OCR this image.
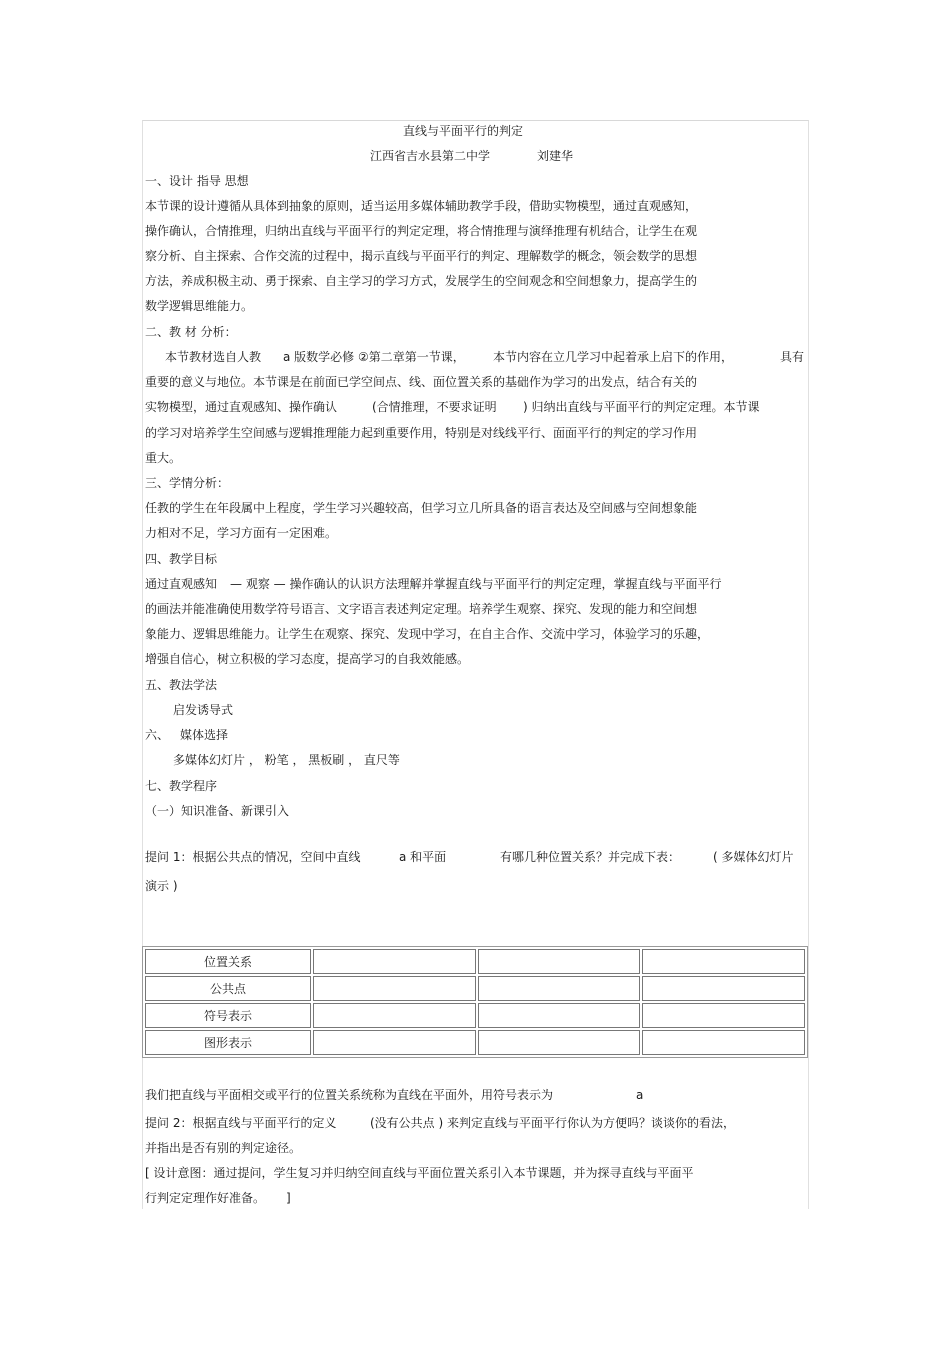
直线与平面平行的判定
江西省吉水县第二中学	刘建华
一、设计 指导 思想
本节课的设计遵循从具体到抽象的原则，适当运用多媒体辅助教学手段，借助实物模型，通过直观感知，
操作确认，合情推理，归纳出直线与平面平行的判定定理，将合情推理与演绎推理有机结合，让学生在观
察分析、自主探索、合作交流的过程中，揭示直线与平面平行的判定、理解数学的概念，领会数学的思想
方法，养成积极主动、勇于探索、自主学习的学习方式，发展学生的空间观念和空间想象力，提高学生的
数学逻辑思维能力。
二、教 材 分析：
本节教材选自人教 a 版数学必修 ②第二章第一节课， 本节内容在立几学习中起着承上启下的作用，	具有
重要的意义与地位。本节课是在前面已学空间点、线、面位置关系的基础作为学习的出发点，结合有关的
实物模型，通过直观感知、操作确认	(合情推理，不要求证明 ) 归纳出直线与平面平行的判定定理。本节课
的学习对培养学生空间感与逻辑推理能力起到重要作用，特别是对线线平行、面面平行的判定的学习作用
重大。
三、学情分析：
任教的学生在年段属中上程度，学生学习兴趣较高，但学习立几所具备的语言表达及空间感与空间想象能
力相对不足，学习方面有一定困难。
四、教学目标
通过直观感知 — 观察 — 操作确认的认识方法理解并掌握直线与平面平行的判定定理，掌握直线与平面平行
的画法并能准确使用数学符号语言、文字语言表述判定定理。培养学生观察、探究、发现的能力和空间想
象能力、逻辑思维能力。让学生在观察、探究、发现中学习，在自主合作、交流中学习，体验学习的乐趣，
增强自信心，树立积极的学习态度，提高学习的自我效能感。
五、教法学法
启发诱导式
六、 媒体选择
多媒体幻灯片 ， 粉笔 ， 黑板刷 ， 直尺等
七、教学程序
（一）知识准备、新课引入
提问 1：根据公共点的情况，空间中直线	a 和平面	有哪几种位置关系？并完成下表：	( 多媒体幻灯片
演示 )
位置关系			
公共点			
符号表示			
图形表示			
我们把直线与平面相交或平行的位置关系统称为直线在平面外，用符号表示为	a
提问 2：根据直线与平面平行的定义	(没有公共点 ) 来判定直线与平面平行你认为方便吗？谈谈你的看法，
并指出是否有别的判定途径。
[ 设计意图：通过提问，学生复习并归纳空间直线与平面位置关系引入本节课题，并为探寻直线与平面平
行判定定理作好准备。 ]
